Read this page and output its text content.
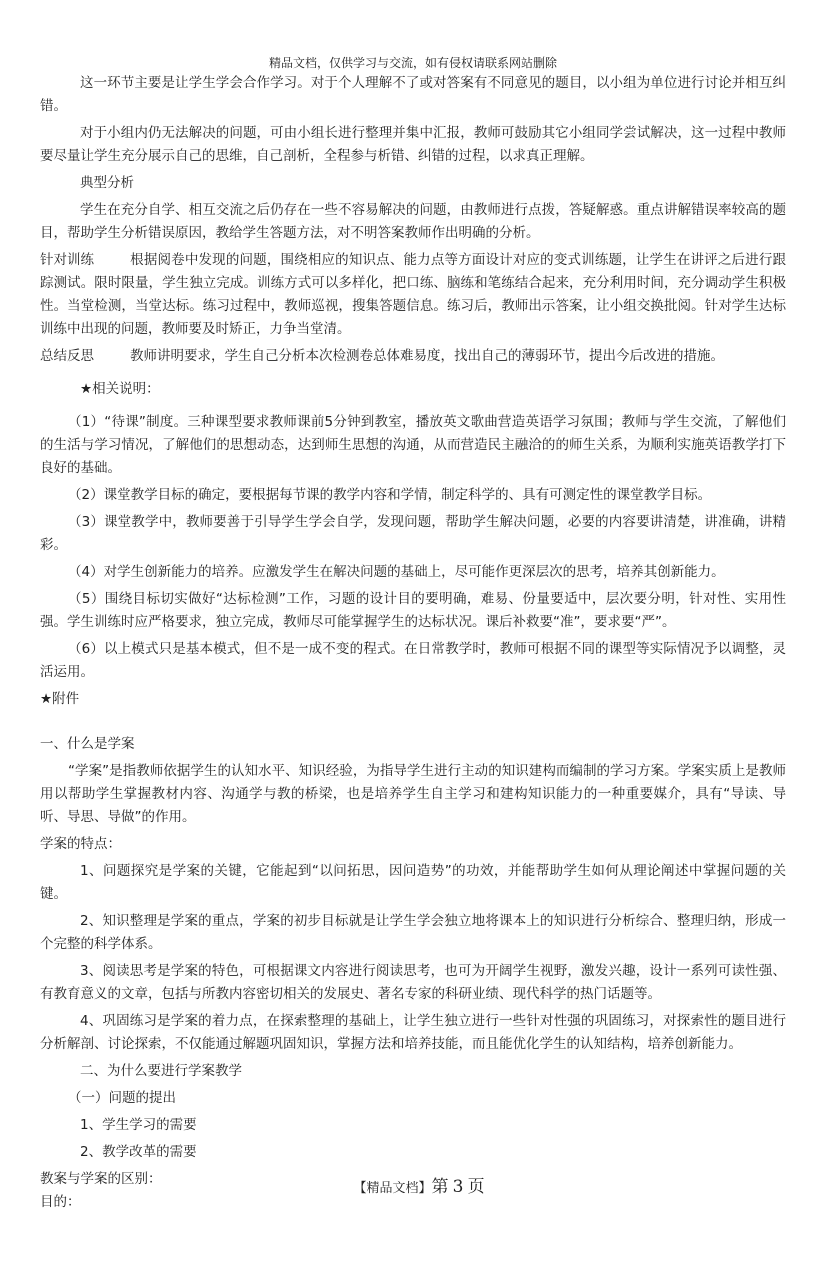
精品文档，仅供学习与交流，如有侵权请联系网站删除

这一环节主要是让学生学会合作学习。对于个人理解不了或对答案有不同意见的题目，以小组为单位进行讨论并相互纠错。

对于小组内仍无法解决的问题，可由小组长进行整理并集中汇报，教师可鼓励其它小组同学尝试解决，这一过程中教师要尽量让学生充分展示自己的思维，自己剖析，全程参与析错、纠错的过程，以求真正理解。

典型分析

学生在充分自学、相互交流之后仍存在一些不容易解决的问题，由教师进行点拨，答疑解惑。重点讲解错误率较高的题目，帮助学生分析错误原因，教给学生答题方法，对不明答案教师作出明确的分析。

针对训练	根据阅卷中发现的问题，围绕相应的知识点、能力点等方面设计对应的变式训练题，让学生在讲评之后进行跟踪测试。限时限量，学生独立完成。训练方式可以多样化，把口练、脑练和笔练结合起来，充分利用时间，充分调动学生积极性。当堂检测，当堂达标。练习过程中，教师巡视，搜集答题信息。练习后，教师出示答案，让小组交换批阅。针对学生达标训练中出现的问题，教师要及时矫正，力争当堂清。

总结反思	教师讲明要求，学生自己分析本次检测卷总体难易度，找出自己的薄弱环节，提出今后改进的措施。

★相关说明：

（1）“待课”制度。三种课型要求教师课前5分钟到教室，播放英文歌曲营造英语学习氛围；教师与学生交流，了解他们的生活与学习情况，了解他们的思想动态，达到师生思想的沟通，从而营造民主融洽的的师生关系，为顺利实施英语教学打下良好的基础。

（2）课堂教学目标的确定，要根据每节课的教学内容和学情，制定科学的、具有可测定性的课堂教学目标。

（3）课堂教学中，教师要善于引导学生学会自学，发现问题，帮助学生解决问题，必要的内容要讲清楚，讲准确，讲精彩。

（4）对学生创新能力的培养。应激发学生在解决问题的基础上，尽可能作更深层次的思考，培养其创新能力。

（5）围绕目标切实做好“达标检测”工作，习题的设计目的要明确，难易、份量要适中，层次要分明，针对性、实用性强。学生训练时应严格要求，独立完成，教师尽可能掌握学生的达标状况。课后补救要“准”，要求要“严”。

（6）以上模式只是基本模式，但不是一成不变的程式。在日常教学时，教师可根据不同的课型等实际情况予以调整，灵活运用。

★附件

一、什么是学案

“学案”是指教师依据学生的认知水平、知识经验，为指导学生进行主动的知识建构而编制的学习方案。学案实质上是教师用以帮助学生掌握教材内容、沟通学与教的桥梁，也是培养学生自主学习和建构知识能力的一种重要媒介，具有“导读、导听、导思、导做”的作用。

学案的特点：

1、问题探究是学案的关键，它能起到“以问拓思，因问造势”的功效，并能帮助学生如何从理论阐述中掌握问题的关键。

2、知识整理是学案的重点，学案的初步目标就是让学生学会独立地将课本上的知识进行分析综合、整理归纳，形成一个完整的科学体系。

3、阅读思考是学案的特色，可根据课文内容进行阅读思考，也可为开阔学生视野，激发兴趣，设计一系列可读性强、有教育意义的文章，包括与所教内容密切相关的发展史、著名专家的科研业绩、现代科学的热门话题等。

4、巩固练习是学案的着力点，在探索整理的基础上，让学生独立进行一些针对性强的巩固练习，对探索性的题目进行分析解剖、讨论探索，不仅能通过解题巩固知识，掌握方法和培养技能，而且能优化学生的认知结构，培养创新能力。

二、为什么要进行学案教学

（一）问题的提出

1、学生学习的需要

2、教学改革的需要

教案与学案的区别：

目的：

【精品文档】第 3 页
